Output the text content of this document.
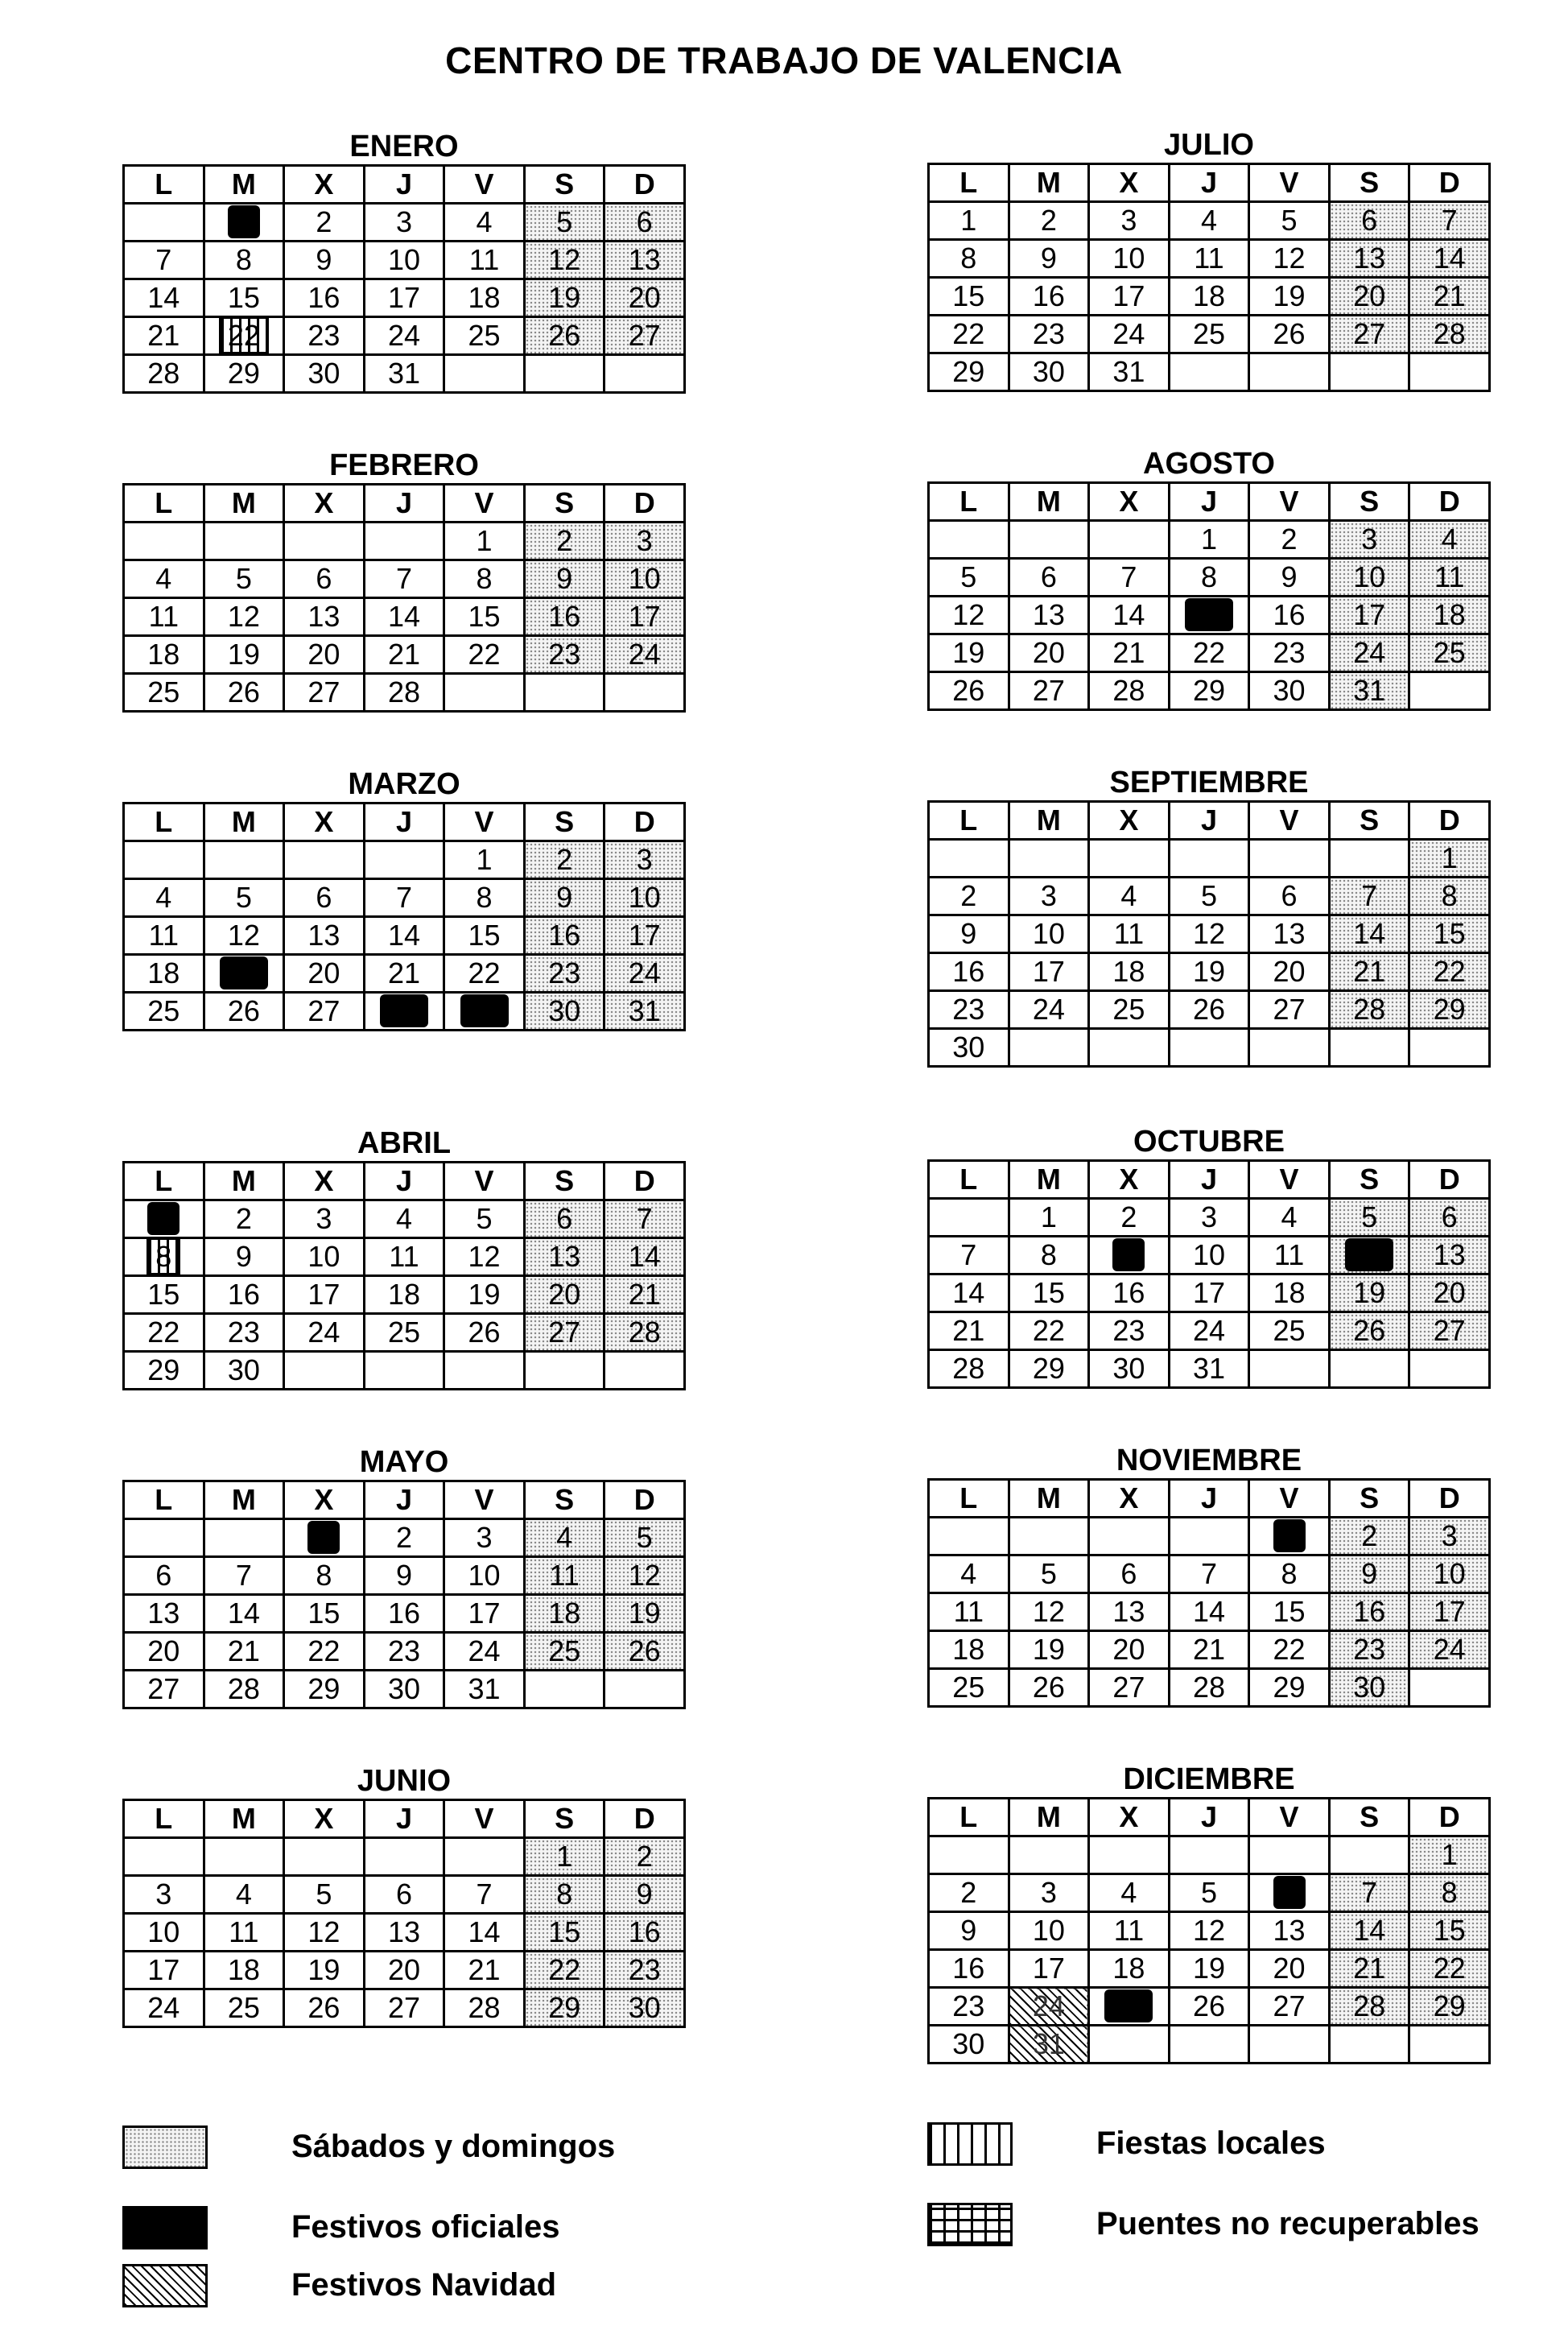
CENTRO DE TRABAJO DE VALENCIA
ENERO
L	M	X	J	V	S	D
	1	2	3	4	5	6
7	8	9	10	11	12	13
14	15	16	17	18	19	20
21	22	23	24	25	26	27
28	29	30	31			
FEBRERO
L	M	X	J	V	S	D
				1	2	3
4	5	6	7	8	9	10
11	12	13	14	15	16	17
18	19	20	21	22	23	24
25	26	27	28			
MARZO
L	M	X	J	V	S	D
				1	2	3
4	5	6	7	8	9	10
11	12	13	14	15	16	17
18	19	20	21	22	23	24
25	26	27	28	29	30	31
ABRIL
L	M	X	J	V	S	D
1	2	3	4	5	6	7
8	9	10	11	12	13	14
15	16	17	18	19	20	21
22	23	24	25	26	27	28
29	30					
MAYO
L	M	X	J	V	S	D
		1	2	3	4	5
6	7	8	9	10	11	12
13	14	15	16	17	18	19
20	21	22	23	24	25	26
27	28	29	30	31		
JUNIO
L	M	X	J	V	S	D
					1	2
3	4	5	6	7	8	9
10	11	12	13	14	15	16
17	18	19	20	21	22	23
24	25	26	27	28	29	30
JULIO
L	M	X	J	V	S	D
1	2	3	4	5	6	7
8	9	10	11	12	13	14
15	16	17	18	19	20	21
22	23	24	25	26	27	28
29	30	31				
AGOSTO
L	M	X	J	V	S	D
			1	2	3	4
5	6	7	8	9	10	11
12	13	14	15	16	17	18
19	20	21	22	23	24	25
26	27	28	29	30	31	
SEPTIEMBRE
L	M	X	J	V	S	D
						1
2	3	4	5	6	7	8
9	10	11	12	13	14	15
16	17	18	19	20	21	22
23	24	25	26	27	28	29
30						
OCTUBRE
L	M	X	J	V	S	D
	1	2	3	4	5	6
7	8	9	10	11	12	13
14	15	16	17	18	19	20
21	22	23	24	25	26	27
28	29	30	31			
NOVIEMBRE
L	M	X	J	V	S	D
				1	2	3
4	5	6	7	8	9	10
11	12	13	14	15	16	17
18	19	20	21	22	23	24
25	26	27	28	29	30	
DICIEMBRE
L	M	X	J	V	S	D
						1
2	3	4	5	6	7	8
9	10	11	12	13	14	15
16	17	18	19	20	21	22
23	24	25	26	27	28	29
30	31					
Sábados y domingos
Festivos oficiales
Festivos Navidad
Fiestas locales
Puentes no recuperables
